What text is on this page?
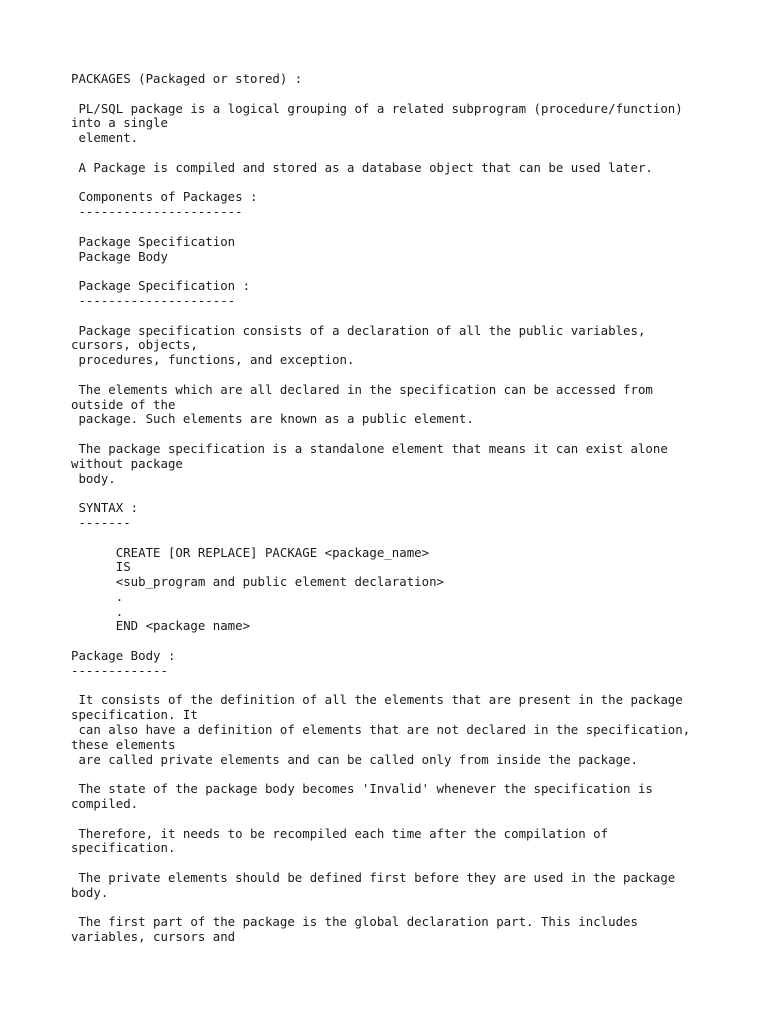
PACKAGES (Packaged or stored) :
PL/SQL package is a logical grouping of a related subprogram (procedure/function)
into a single
element.
A Package is compiled and stored as a database object that can be used later.
Components of Packages :
----------------------
Package Specification
Package Body
Package Specification :
---------------------
Package specification consists of a declaration of all the public variables,
cursors, objects,
procedures, functions, and exception.
The elements which are all declared in the specification can be accessed from
outside of the
package. Such elements are known as a public element.
The package specification is a standalone element that means it can exist alone
without package
body.
SYNTAX :
-------
CREATE [OR REPLACE] PACKAGE <package_name>
IS
<sub_program and public element declaration>
.
.
END <package name>
Package Body :
-------------
It consists of the definition of all the elements that are present in the package
specification. It
can also have a definition of elements that are not declared in the specification,
these elements
are called private elements and can be called only from inside the package.
The state of the package body becomes 'Invalid' whenever the specification is
compiled.
Therefore, it needs to be recompiled each time after the compilation of
specification.
The private elements should be defined first before they are used in the package
body.
The first part of the package is the global declaration part. This includes
variables, cursors and
